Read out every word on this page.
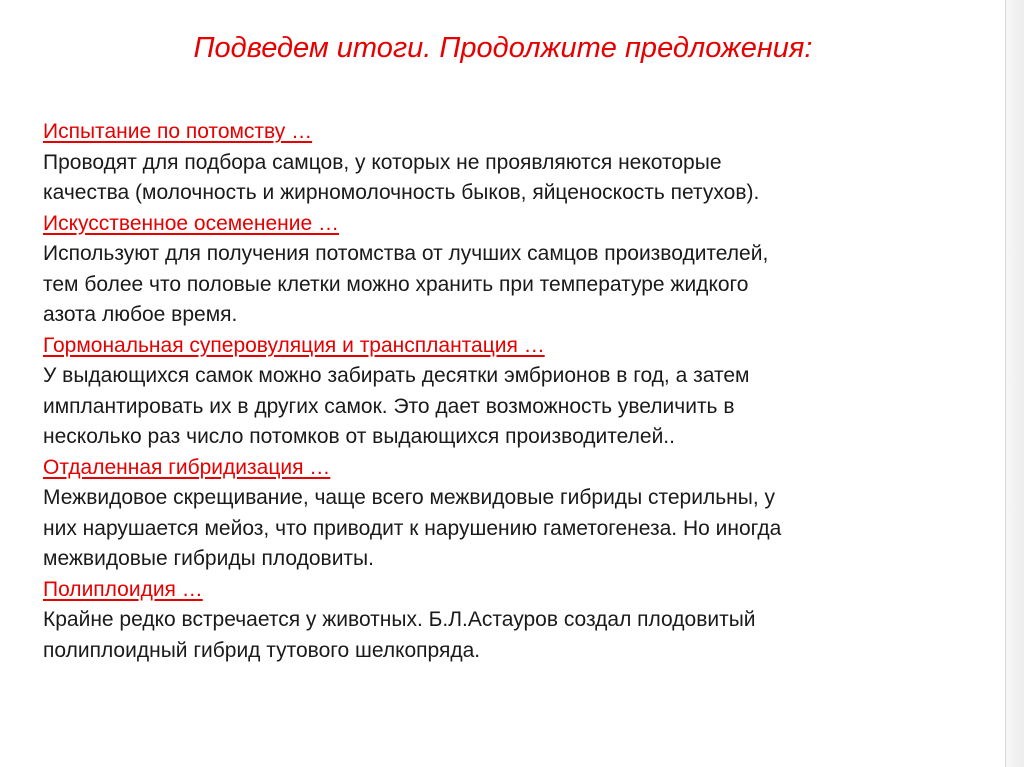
Подведем итоги. Продолжите предложения:
Испытание по потомству …
Проводят для подбора самцов, у которых не проявляются некоторые
качества (молочность и жирномолочность быков, яйценоскость петухов).
Искусственное осеменение …
Используют для получения потомства от лучших самцов производителей,
тем более что половые клетки можно хранить при температуре жидкого
азота любое время.
Гормональная суперовуляция и трансплантация …
У выдающихся самок можно забирать десятки эмбрионов в год, а затем
имплантировать их в других самок. Это дает возможность увеличить в
несколько раз число потомков от выдающихся производителей..
Отдаленная гибридизация …
Межвидовое скрещивание, чаще всего межвидовые гибриды стерильны, у
них нарушается мейоз, что приводит к нарушению гаметогенеза. Но иногда
межвидовые гибриды плодовиты.
Полиплоидия …
Крайне редко встречается у животных. Б.Л.Астауров создал плодовитый
полиплоидный гибрид тутового шелкопряда.
